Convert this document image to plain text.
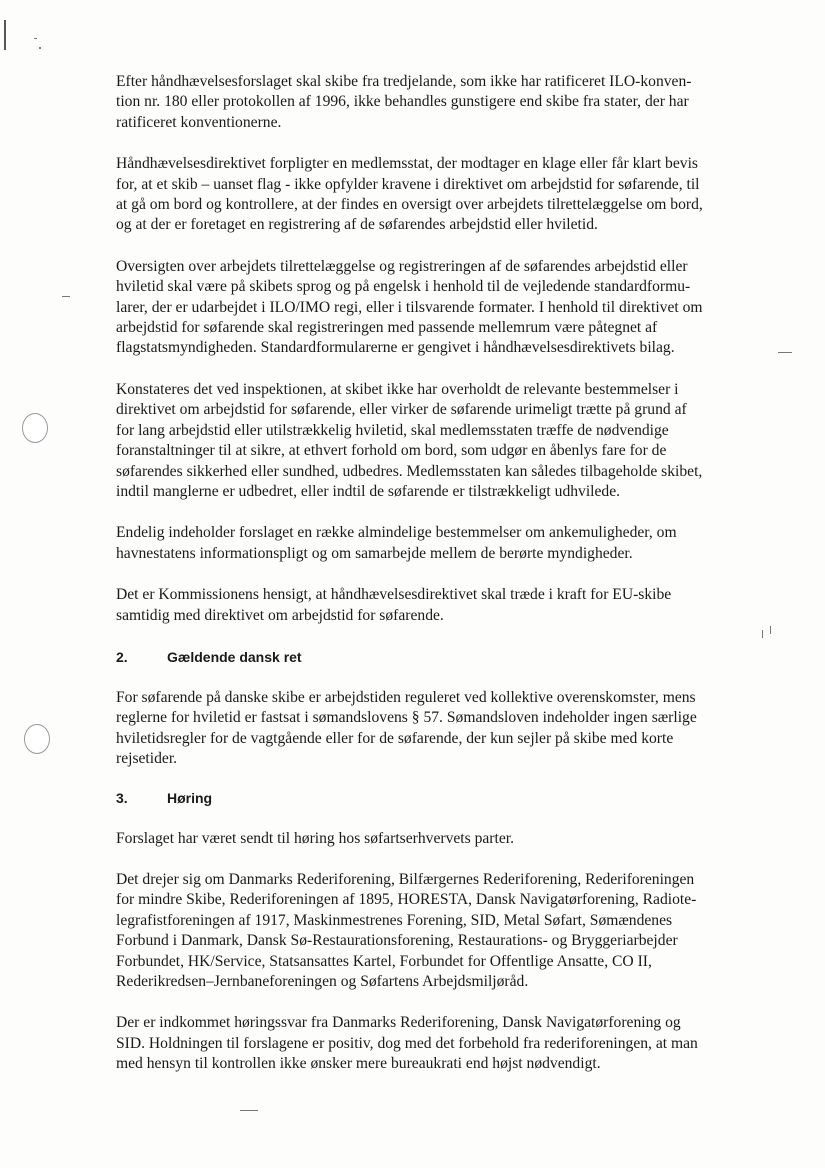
Efter håndhævelsesforslaget skal skibe fra tredjelande, som ikke har ratificeret ILO-konven-
tion nr. 180 eller protokollen af 1996, ikke behandles gunstigere end skibe fra stater, der har
ratificeret konventionerne.

Håndhævelsesdirektivet forpligter en medlemsstat, der modtager en klage eller får klart bevis
for, at et skib – uanset flag - ikke opfylder kravene i direktivet om arbejdstid for søfarende, til
at gå om bord og kontrollere, at der findes en oversigt over arbejdets tilrettelæggelse om bord,
og at der er foretaget en registrering af de søfarendes arbejdstid eller hviletid.

Oversigten over arbejdets tilrettelæggelse og registreringen af de søfarendes arbejdstid eller
hviletid skal være på skibets sprog og på engelsk i henhold til de vejledende standardformu-
larer, der er udarbejdet i ILO/IMO regi, eller i tilsvarende formater. I henhold til direktivet om
arbejdstid for søfarende skal registreringen med passende mellemrum være påtegnet af
flagstatsmyndigheden. Standardformularerne er gengivet i håndhævelsesdirektivets bilag.

Konstateres det ved inspektionen, at skibet ikke har overholdt de relevante bestemmelser i
direktivet om arbejdstid for søfarende, eller virker de søfarende urimeligt trætte på grund af
for lang arbejdstid eller utilstrækkelig hviletid, skal medlemsstaten træffe de nødvendige
foranstaltninger til at sikre, at ethvert forhold om bord, som udgør en åbenlys fare for de
søfarendes sikkerhed eller sundhed, udbedres. Medlemsstaten kan således tilbageholde skibet,
indtil manglerne er udbedret, eller indtil de søfarende er tilstrækkeligt udhvilede.

Endelig indeholder forslaget en række almindelige bestemmelser om ankemuligheder, om
havnestatens informationspligt og om samarbejde mellem de berørte myndigheder.

Det er Kommissionens hensigt, at håndhævelsesdirektivet skal træde i kraft for EU-skibe
samtidig med direktivet om arbejdstid for søfarende.

2.	Gældende dansk ret

For søfarende på danske skibe er arbejdstiden reguleret ved kollektive overenskomster, mens
reglerne for hviletid er fastsat i sømandslovens § 57. Sømandsloven indeholder ingen særlige
hviletidsregler for de vagtgående eller for de søfarende, der kun sejler på skibe med korte
rejsetider.

3.	Høring

Forslaget har været sendt til høring hos søfartserhvervets parter.

Det drejer sig om Danmarks Rederiforening, Bilfærgernes Rederiforening, Rederiforeningen
for mindre Skibe, Rederiforeningen af 1895, HORESTA, Dansk Navigatørforening, Radiote-
legrafistforeningen af 1917, Maskinmestrenes Forening, SID, Metal Søfart, Sømændenes
Forbund i Danmark, Dansk Sø-Restaurationsforening, Restaurations- og Bryggeriarbejder
Forbundet, HK/Service, Statsansattes Kartel, Forbundet for Offentlige Ansatte, CO II,
Rederikredsen–Jernbaneforeningen og Søfartens Arbejdsmiljøråd.

Der er indkommet høringssvar fra Danmarks Rederiforening, Dansk Navigatørforening og
SID. Holdningen til forslagene er positiv, dog med det forbehold fra rederiforeningen, at man
med hensyn til kontrollen ikke ønsker mere bureaukrati end højst nødvendigt.
